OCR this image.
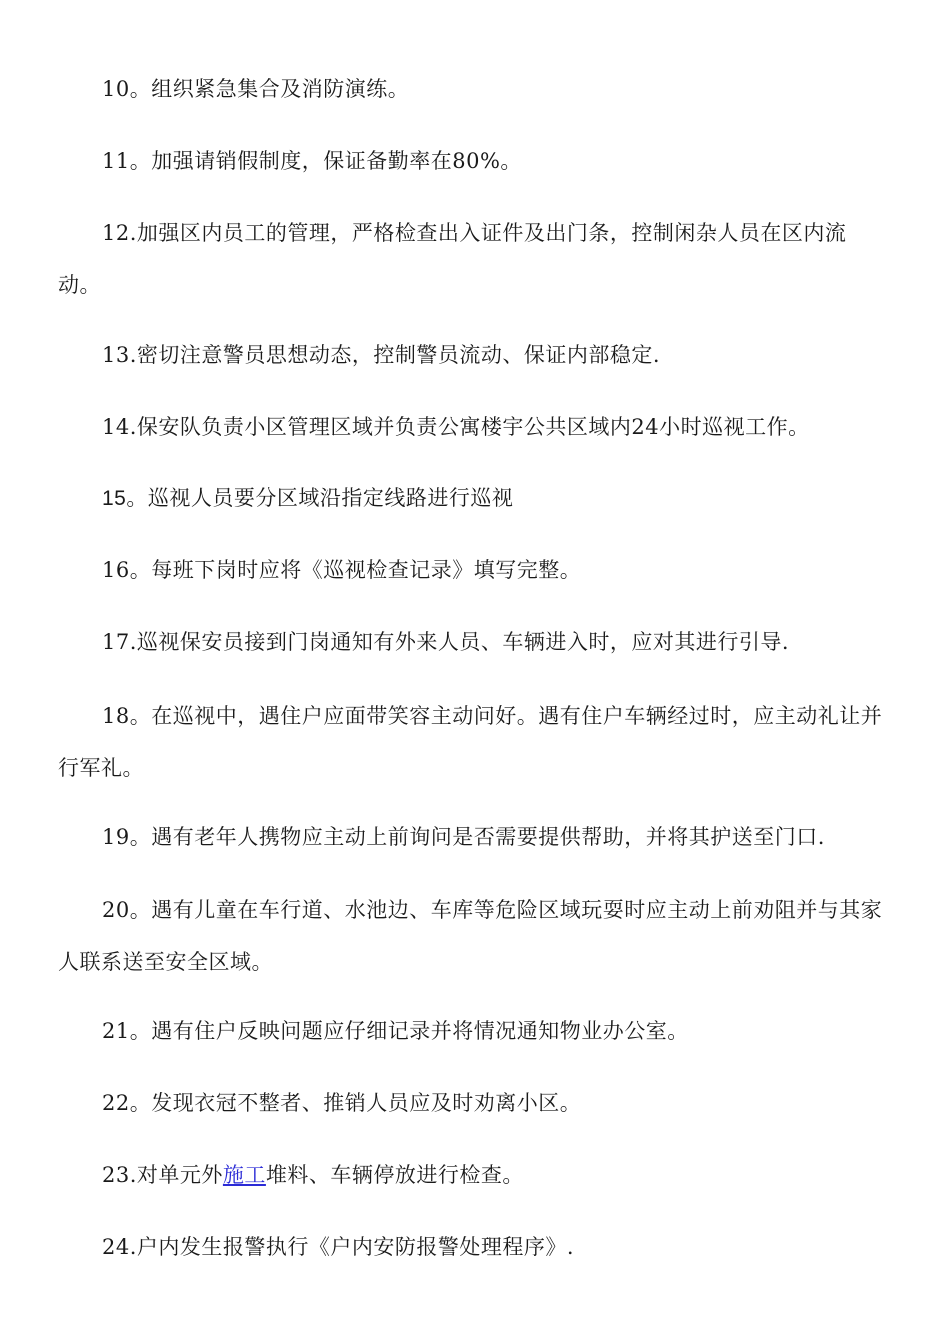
10。组织紧急集合及消防演练。

11。加强请销假制度，保证备勤率在80%。

12.加强区内员工的管理，严格检查出入证件及出门条，控制闲杂人员在区内流动。

13.密切注意警员思想动态，控制警员流动、保证内部稳定.

14.保安队负责小区管理区域并负责公寓楼宇公共区域内24小时巡视工作。

15。巡视人员要分区域沿指定线路进行巡视

16。每班下岗时应将《巡视检查记录》填写完整。

17.巡视保安员接到门岗通知有外来人员、车辆进入时，应对其进行引导.

18。在巡视中，遇住户应面带笑容主动问好。遇有住户车辆经过时，应主动礼让并行军礼。

19。遇有老年人携物应主动上前询问是否需要提供帮助，并将其护送至门口.

20。遇有儿童在车行道、水池边、车库等危险区域玩耍时应主动上前劝阻并与其家人联系送至安全区域。

21。遇有住户反映问题应仔细记录并将情况通知物业办公室。

22。发现衣冠不整者、推销人员应及时劝离小区。

23.对单元外施工堆料、车辆停放进行检查。

24.户内发生报警执行《户内安防报警处理程序》.
